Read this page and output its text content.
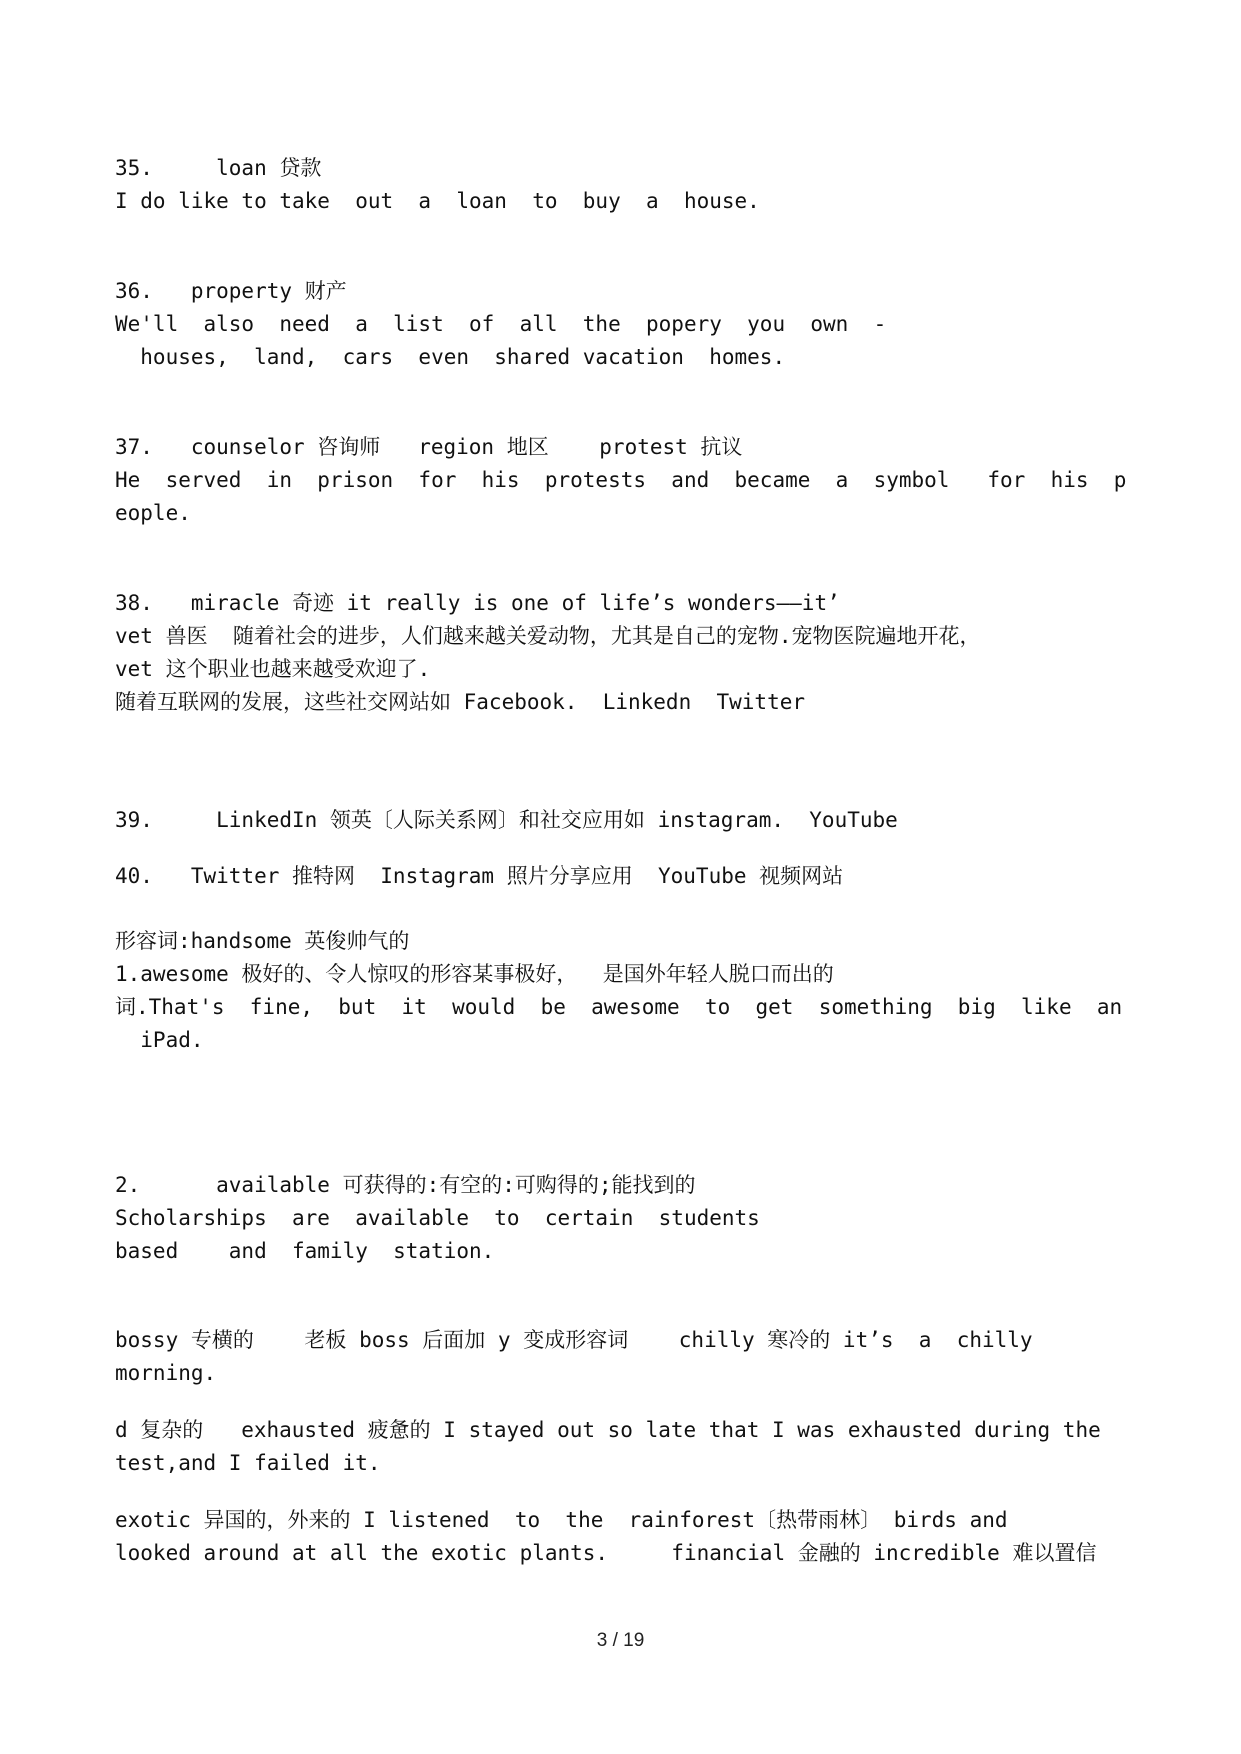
35.     loan 贷款
I do like to take  out  a  loan  to  buy  a  house.
36.   property 财产
We'll  also  need  a  list  of  all  the  popery  you  own  -
houses,  land,  cars  even  shared vacation  homes.
37.   counselor 咨询师   region 地区    protest 抗议
He  served  in  prison  for  his  protests  and  became  a  symbol   for  his  p
eople.
38.   miracle 奇迹 it really is one of life’s wonders——it’
vet 兽医  随着社会的进步，人们越来越关爱动物，尤其是自己的宠物.宠物医院遍地开花，
vet 这个职业也越来越受欢迎了.
随着互联网的发展，这些社交网站如 Facebook.  Linkedn  Twitter
39.     LinkedIn 领英〔人际关系网〕和社交应用如 instagram.  YouTube
40.   Twitter 推特网  Instagram 照片分享应用  YouTube 视频网站
形容词:handsome 英俊帅气的
1.awesome 极好的、令人惊叹的形容某事极好，  是国外年轻人脱口而出的
词.That's  fine,  but  it  would  be  awesome  to  get  something  big  like  an
iPad.
2.      available 可获得的:有空的:可购得的;能找到的
Scholarships  are  available  to  certain  students
based    and  family  station.
bossy 专横的    老板 boss 后面加 y 变成形容词    chilly 寒冷的 it’s  a  chilly
morning.
d 复杂的   exhausted 疲惫的 I stayed out so late that I was exhausted during the
test,and I failed it.
exotic 异国的，外来的 I listened  to  the  rainforest〔热带雨林〕 birds and
looked around at all the exotic plants.     financial 金融的 incredible 难以置信
3 / 19
